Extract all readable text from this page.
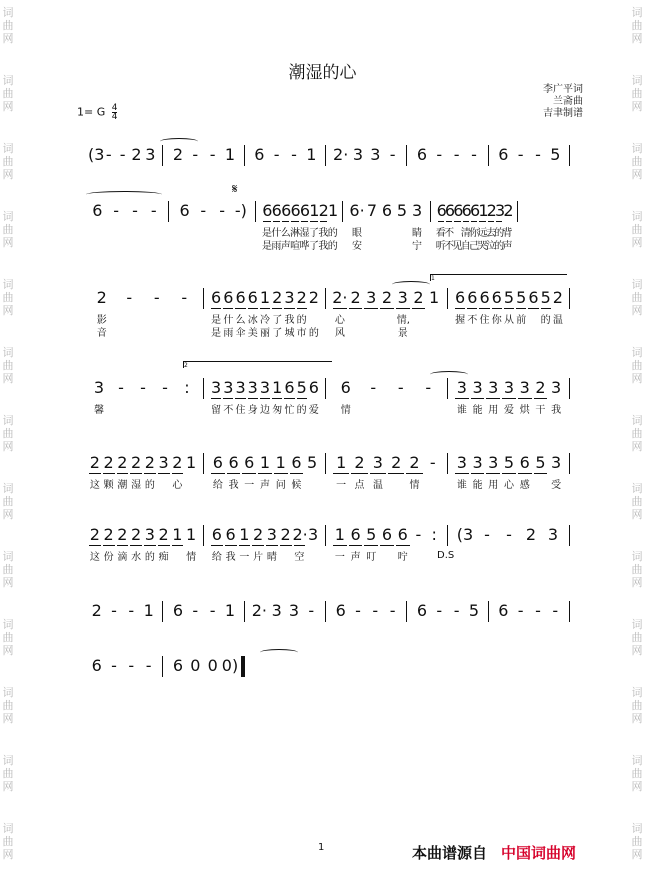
词
曲
网
词
曲
网
词
曲
网
词
曲
网
词
曲
网
词
曲
网
词
曲
网
词
曲
网
词
曲
网
词
曲
网
词
曲
网
词
曲
网
词
曲
网
词
曲
网
词
曲
网
词
曲
网
词
曲
网
词
曲
网
词
曲
网
词
曲
网
词
曲
网
词
曲
网
词
曲
网
词
曲
网
词
曲
网
词
曲
网
潮湿的心
李广平词
兰斋曲
吉聿制谱
1= G $\frac{4}{4}$
(3 - - 2 3 2 - - 1 6 - - 1 2· 3 3 -	6 - - -	6 - - 5
6 - - -	6 - - -) 6 6 6 6 6 1 2 1 6· 7 6 5 3 6
6
6
6
6
1
2
3
2
是 什 么 淋 湿 了 我 的 眼	睛 看
不 清
你
远
去
的
背
是 雨 声 喧 哗 了 我 的 安	宁 听
不
见
自
己
哭
泣
的
声
2	-	-	-	6 6 6 6 1 2 3 2 2 2· 2 3 2 3 2 1 6 6 6 6 5 5 6 5 2
影	是 什 么 冰 冷 了 我 的	心	情,	握 不 住 你 从 前 的 温
音	是 雨 伞 美 丽 了 城 市 的 风	景
3 -	-	-	:	3 3 3 3 3 1 6 5 6	6	-	-	-	3 3 3 3 3 2 3
馨	留 不 住 身 边 匆 忙 的 爱 情	谁 能 用 爱 烘 干 我
2 2 2 2 2 3 2 1 6 6 6 1 1 6 5 1 2 3 2 2 -	3 3 3 5 6 5 3
这 颗 潮 湿 的 心	给 我 一 声 问 候	一 点 温	情	谁 能 用 心 感 受
2 2 2 2 3 2 1 1 6 6 1 2 3 2 2· 3 1 6 5 6 6 - :	(3 -	- 2 3
这 份 滴 水 的 痴 情 给 我 一 片 晴 空	一 声 叮 咛
2 - - 1 6 - - 1 2· 3 3 -	6 - - -	6 - - 5 6 - - -
6 - - -	6 0 0 0)
𝄋
D.S
1
2
1	本曲谱源自 中国词曲网
